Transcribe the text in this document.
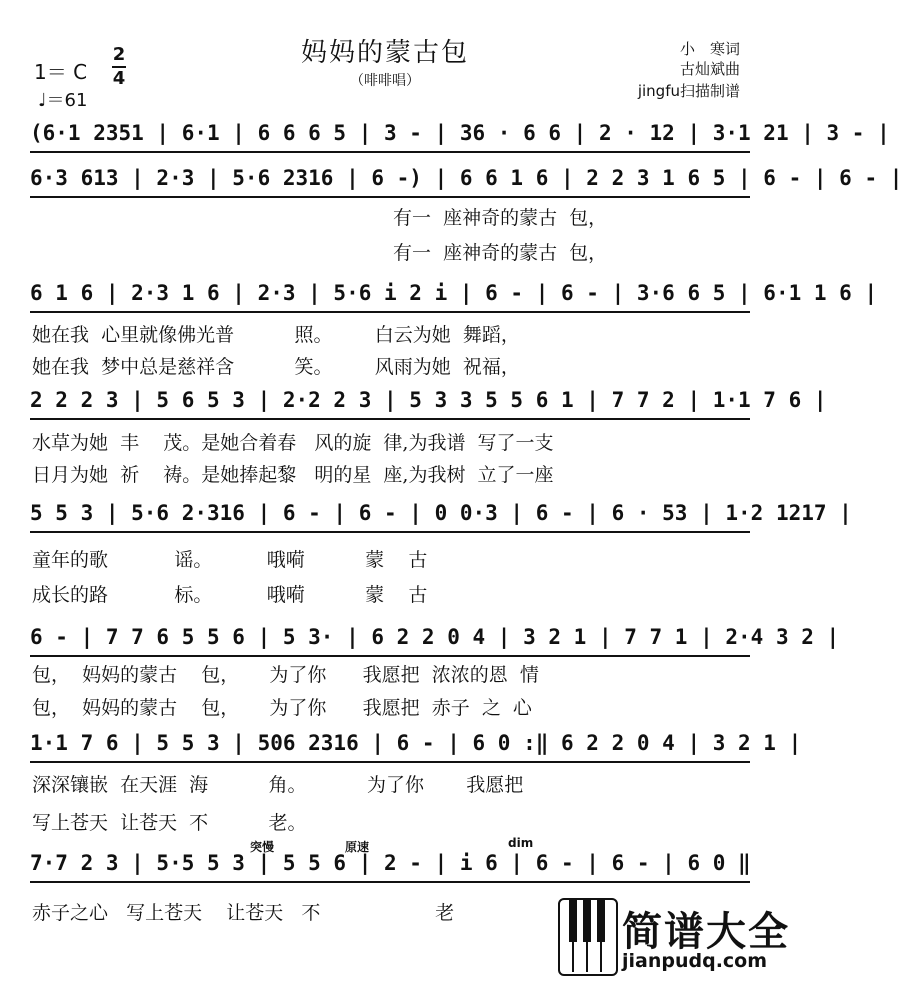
妈妈的蒙古包
（啡啡唱）
1＝ C
2
4
♩＝61
小　寒词
古灿斌曲
jingfu扫描制谱
(6·1 2351 | 6·1 | 6 6 6 5 | 3 - | 36 · 6 6 | 2 · 12 | 3·1 21 | 3 - |
6·3 613 | 2·3 | 5·6 2316 | 6 -) | 6 6 1 6 | 2 2 3 1 6 5 | 6 - | 6 - |
有一  座神奇的蒙古  包，
有一  座神奇的蒙古  包，
6 1 6 | 2·3 1 6 | 2·3 | 5·6 i 2 i | 6 - | 6 - | 3·6 6 5 | 6·1 1 6 |
她在我  心里就像佛光普          照。       白云为她  舞蹈，
她在我  梦中总是慈祥含          笑。       风雨为她  祝福，
2 2 2 3 | 5 6 5 3 | 2·2 2 3 | 5 3 3 5 5 6 1 | 7 7 2 | 1·1 7 6 |
水草为她  丰    茂。是她合着春   风的旋  律,为我谱  写了一支
日月为她  祈    祷。是她捧起黎   明的星  座,为我树  立了一座
5 5 3 | 5·6 2·316 | 6 - | 6 - | 0 0·3 | 6 - | 6 · 53 | 1·2 1217 |
童年的歌           谣。         哦嗬          蒙    古
成长的路           标。         哦嗬          蒙    古
6 - | 7 7 6 5 5 6 | 5 3· | 6 2 2 0 4 | 3 2 1 | 7 7 1 | 2·4 3 2 |
包，  妈妈的蒙古    包，     为了你      我愿把  浓浓的恩  情
包，  妈妈的蒙古    包，     为了你      我愿把  赤子  之  心
1·1 7 6 | 5 5 3 | 506 2316 | 6 - | 6 0 :‖ 6 2 2 0 4 | 3 2 1 |
深深镶嵌  在天涯  海          角。          为了你       我愿把
写上苍天  让苍天  不          老。
7·7 2 3 | 5·5 5 3 | 5 5 6 | 2 - | i 6 | 6 - | 6 - | 6 0 ‖
赤子之心   写上苍天    让苍天   不                   老
突慢	原速	dim
简谱大全
jianpudq.com
